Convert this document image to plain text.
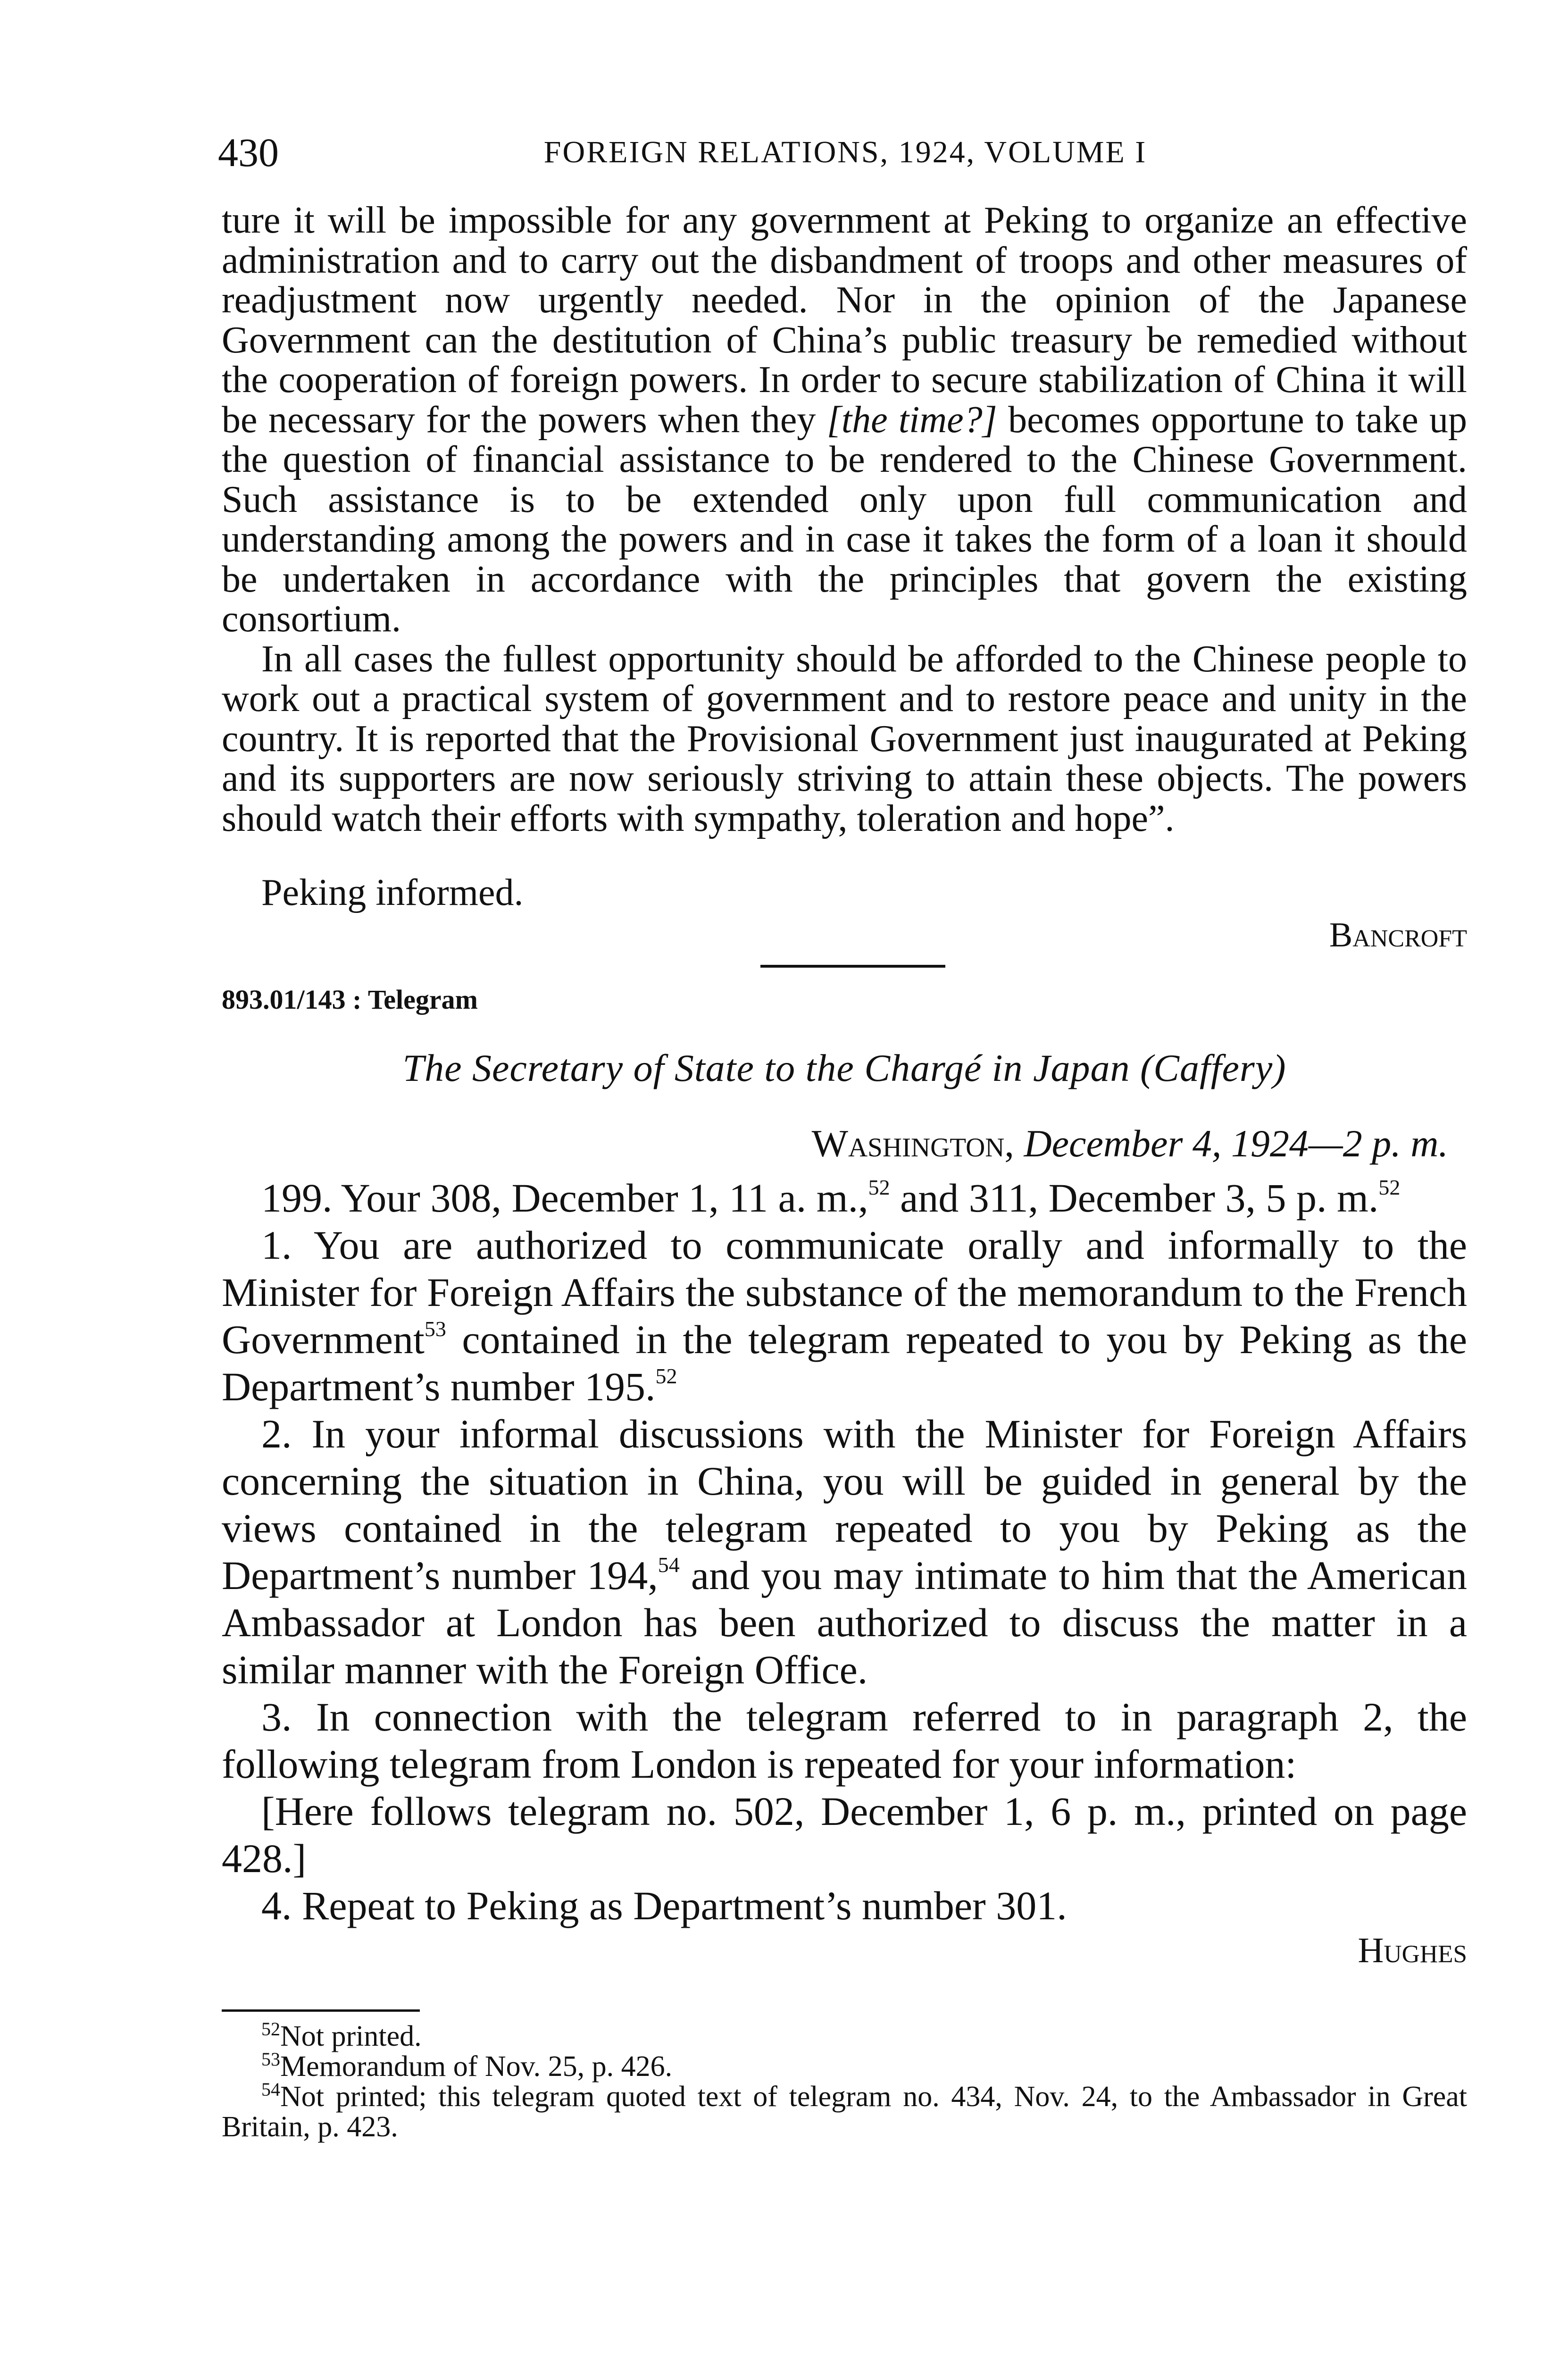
430	FOREIGN RELATIONS, 1924, VOLUME I

ture it will be impossible for any government at Peking to organize an effective administration and to carry out the disbandment of troops and other measures of readjustment now urgently needed. Nor in the opinion of the Japanese Government can the destitution of China’s public treasury be remedied without the cooperation of foreign powers. In order to secure stabilization of China it will be necessary for the powers when they [the time?] becomes opportune to take up the question of financial assistance to be rendered to the Chinese Government. Such assistance is to be extended only upon full communication and understanding among the powers and in case it takes the form of a loan it should be undertaken in accordance with the principles that govern the existing consortium.

In all cases the fullest opportunity should be afforded to the Chinese people to work out a practical system of government and to restore peace and unity in the country. It is reported that the Provisional Government just inaugurated at Peking and its supporters are now seriously striving to attain these objects. The powers should watch their efforts with sympathy, toleration and hope”.

Peking informed.

Bancroft

893.01/143 : Telegram

The Secretary of State to the Chargé in Japan (Caffery)

Washington, December 4, 1924—2 p. m.

199. Your 308, December 1, 11 a. m.,$^{52}$ and 311, December 3, 5 p. m.$^{52}$

1. You are authorized to communicate orally and informally to the Minister for Foreign Affairs the substance of the memorandum to the French Government$^{53}$ contained in the telegram repeated to you by Peking as the Department’s number 195.52

2. In your informal discussions with the Minister for Foreign Affairs concerning the situation in China, you will be guided in general by the views contained in the telegram repeated to you by Peking as the Department’s number 194,54 and you may intimate to him that the American Ambassador at London has been authorized to discuss the matter in a similar manner with the Foreign Office.

3. In connection with the telegram referred to in paragraph 2, the following telegram from London is repeated for your information:

[Here follows telegram no. 502, December 1, 6 p. m., printed on page 428.]

4. Repeat to Peking as Department’s number 301.

Hughes

52Not printed.

53Memorandum of Nov. 25, p. 426.

54Not printed; this telegram quoted text of telegram no. 434, Nov. 24, to the Ambassador in Great Britain, p. 423.
